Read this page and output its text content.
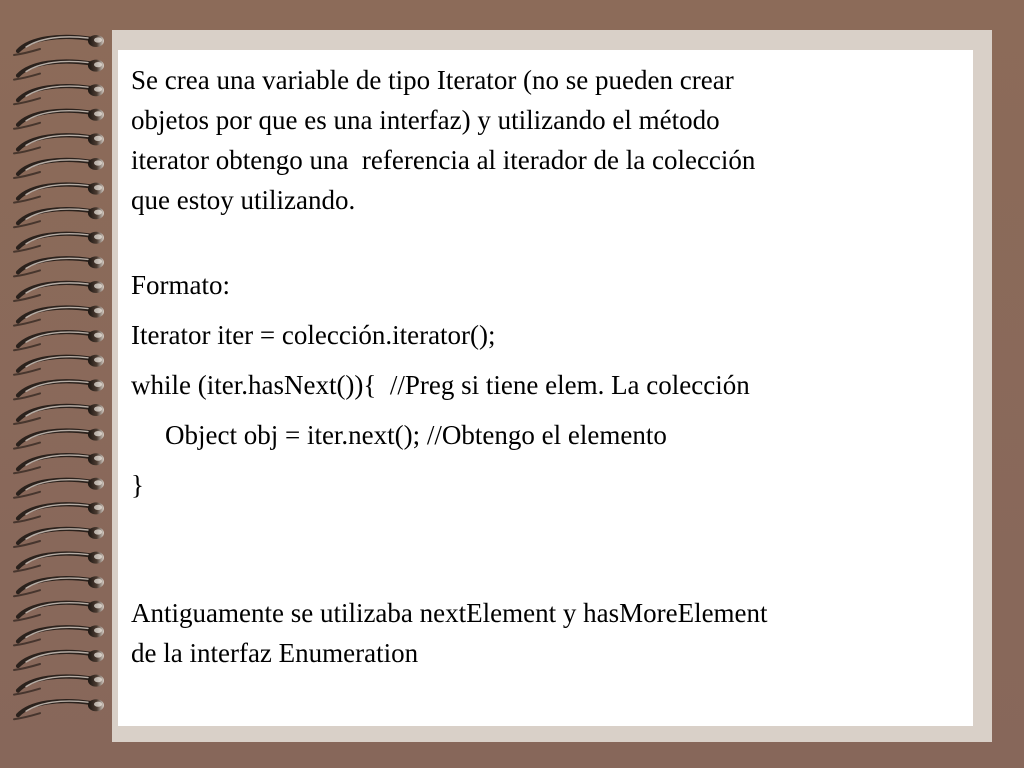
Se crea una variable de tipo Iterator (no se pueden crear
objetos por que es una interfaz) y utilizando el método
iterator obtengo una  referencia al iterador de la colección
que estoy utilizando.

Formato:
Iterator iter = colección.iterator();
while (iter.hasNext()){  //Preg si tiene elem. La colección
Object obj = iter.next(); //Obtengo el elemento
}

Antiguamente se utilizaba nextElement y hasMoreElement
de la interfaz Enumeration
